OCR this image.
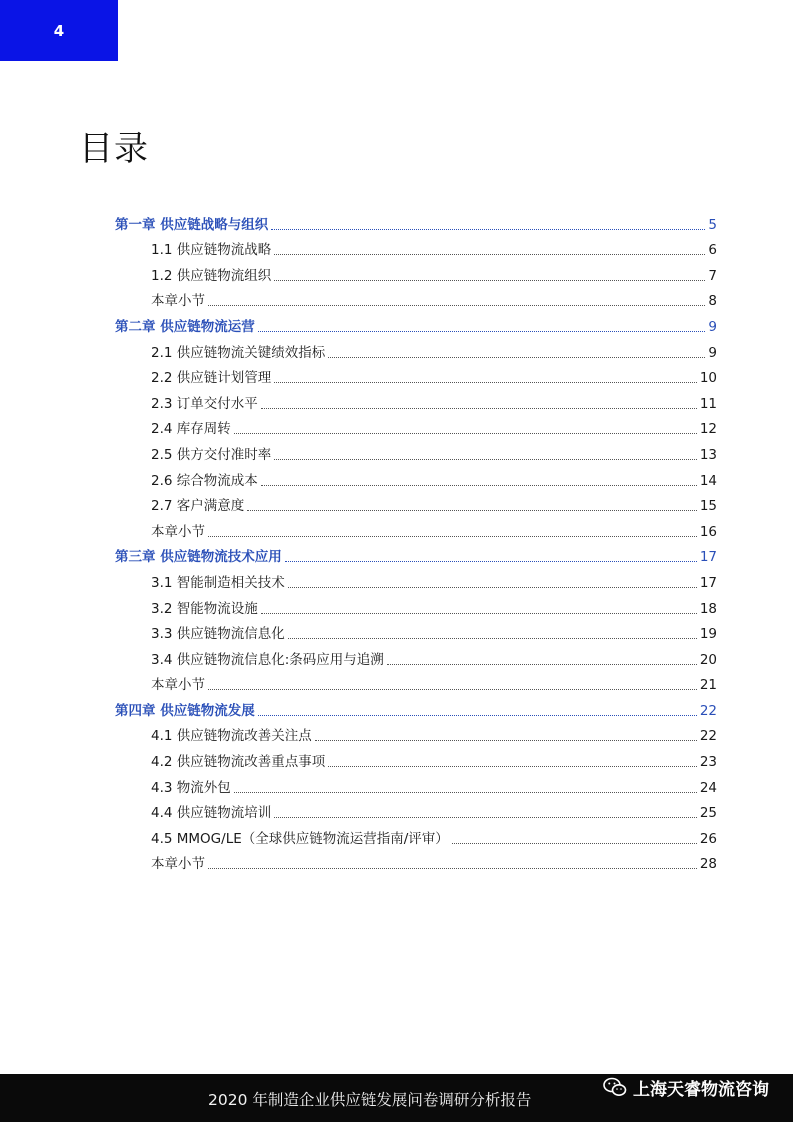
4
目录
第一章 供应链战略与组织	5
1.1 供应链物流战略	6
1.2 供应链物流组织	7
本章小节	8
第二章 供应链物流运营	9
2.1 供应链物流关键绩效指标	9
2.2 供应链计划管理	10
2.3 订单交付水平	11
2.4 库存周转	12
2.5 供方交付准时率	13
2.6 综合物流成本	14
2.7 客户满意度	15
本章小节	16
第三章 供应链物流技术应用	17
3.1 智能制造相关技术	17
3.2 智能物流设施	18
3.3 供应链物流信息化	19
3.4 供应链物流信息化:条码应用与追溯	20
本章小节	21
第四章 供应链物流发展	22
4.1 供应链物流改善关注点	22
4.2 供应链物流改善重点事项	23
4.3 物流外包	24
4.4 供应链物流培训	25
4.5 MMOG/LE（全球供应链物流运营指南/评审）	26
本章小节	28
2020 年制造企业供应链发展问卷调研分析报告
上海天睿物流咨询
